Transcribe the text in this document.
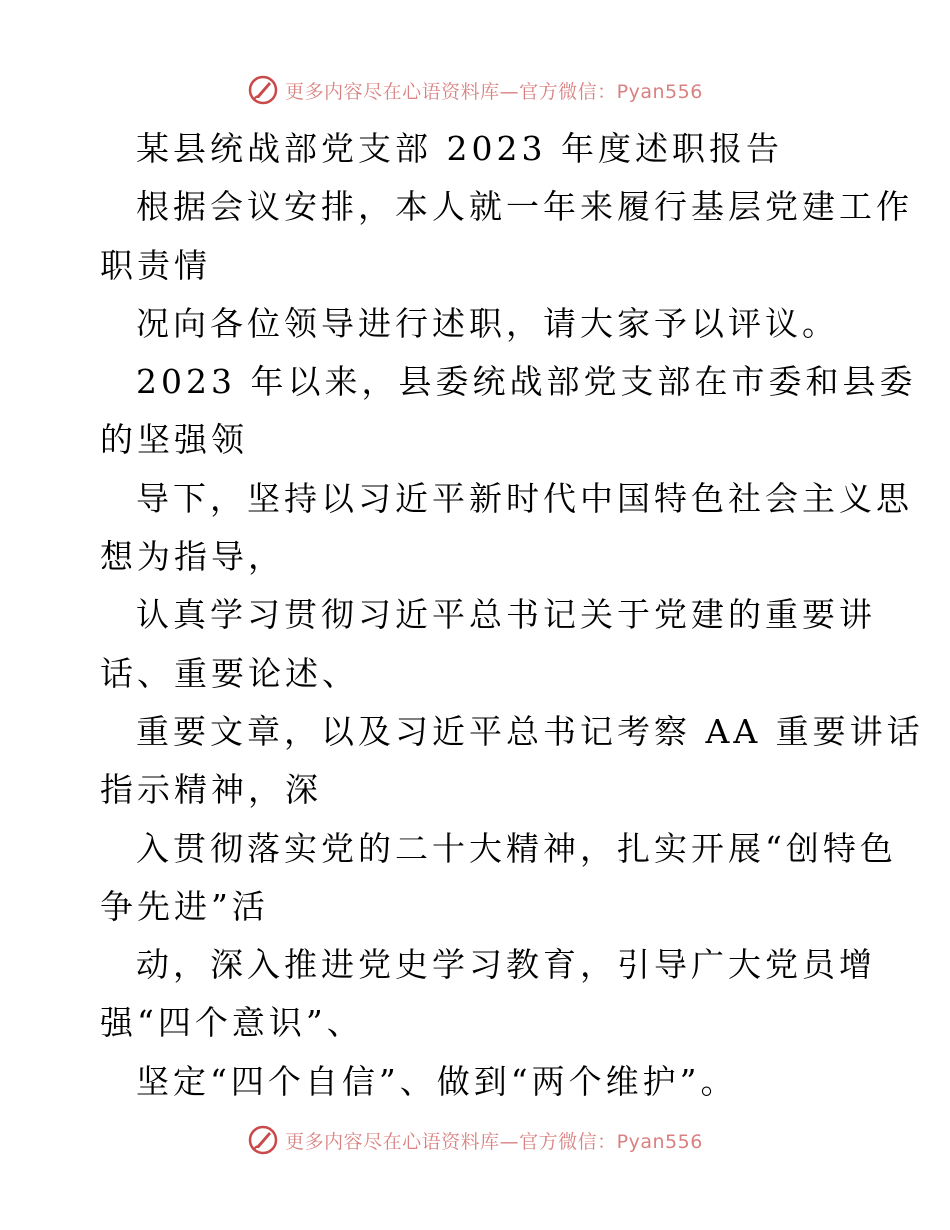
更多内容尽在心语资料库—官方微信：Pyan556
某县统战部党支部 2023 年度述职报告
根据会议安排，本人就一年来履行基层党建工作
职责情
况向各位领导进行述职，请大家予以评议。
2023 年以来，县委统战部党支部在市委和县委
的坚强领
导下，坚持以习近平新时代中国特色社会主义思
想为指导，
认真学习贯彻习近平总书记关于党建的重要讲
话、重要论述、
重要文章，以及习近平总书记考察 AA 重要讲话
指示精神，深
入贯彻落实党的二十大精神，扎实开展“创特色
争先进”活
动，深入推进党史学习教育，引导广大党员增
强“四个意识”、
坚定“四个自信”、做到“两个维护”。
更多内容尽在心语资料库—官方微信：Pyan556
